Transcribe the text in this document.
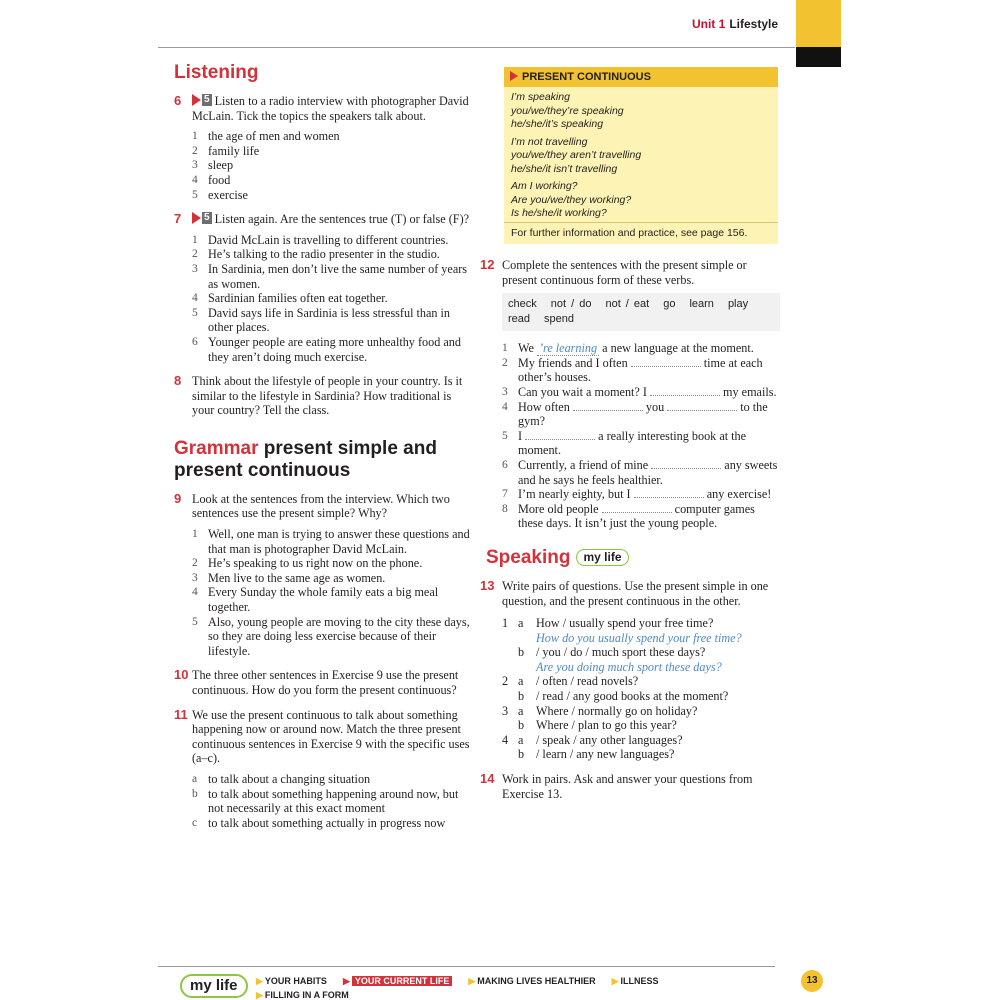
Unit 1 Lifestyle
Listening
6 5 Listen to a radio interview with photographer David McLain. Tick the topics the speakers talk about.
1 the age of men and women
2 family life
3 sleep
4 food
5 exercise
7 5 Listen again. Are the sentences true (T) or false (F)?
1 David McLain is travelling to different countries.
2 He’s talking to the radio presenter in the studio.
3 In Sardinia, men don’t live the same number of years as women.
4 Sardinian families often eat together.
5 David says life in Sardinia is less stressful than in other places.
6 Younger people are eating more unhealthy food and they aren’t doing much exercise.
8 Think about the lifestyle of people in your country. Is it similar to the lifestyle in Sardinia? How traditional is your country? Tell the class.
Grammar present simple and present continuous
9 Look at the sentences from the interview. Which two sentences use the present simple? Why?
1 Well, one man is trying to answer these questions and that man is photographer David McLain.
2 He’s speaking to us right now on the phone.
3 Men live to the same age as women.
4 Every Sunday the whole family eats a big meal together.
5 Also, young people are moving to the city these days, so they are doing less exercise because of their lifestyle.
10 The three other sentences in Exercise 9 use the present continuous. How do you form the present continuous?
11 We use the present continuous to talk about something happening now or around now. Match the three present continuous sentences in Exercise 9 with the specific uses (a–c).
a to talk about a changing situation
b to talk about something happening around now, but not necessarily at this exact moment
c to talk about something actually in progress now
PRESENT CONTINUOUS
I’m speaking
you/we/they’re speaking
he/she/it’s speaking
I’m not travelling
you/we/they aren’t travelling
he/she/it isn’t travelling
Am I working?
Are you/we/they working?
Is he/she/it working?
For further information and practice, see page 156.
12 Complete the sentences with the present simple or present continuous form of these verbs.
check not / do not / eat go learn play
read spend
1 We ’re learning a new language at the moment.
2 My friends and I often	time at each other’s houses.
3 Can you wait a moment? I	my emails.
4 How often	you	to the gym?
5 I	a really interesting book at the moment.
6 Currently, a friend of mine	any sweets and he says he feels healthier.
7 I’m nearly eighty, but I	any exercise!
8 More old people	computer games these days. It isn’t just the young people.
Speaking my life
13 Write pairs of questions. Use the present simple in one question, and the present continuous in the other.
1 a How / usually spend your free time?
How do you usually spend your free time?
b / you / do / much sport these days?
Are you doing much sport these days?
2 a / often / read novels?
b / read / any good books at the moment?
3 a Where / normally go on holiday?
b Where / plan to go this year?
4 a / speak / any other languages?
b / learn / any new languages?
14 Work in pairs. Ask and answer your questions from Exercise 13.
my life	▶ YOUR HABITS ▶ YOUR CURRENT LIFE ▶ MAKING LIVES HEALTHIER ▶ ILLNESS
▶ FILLING IN A FORM
13
